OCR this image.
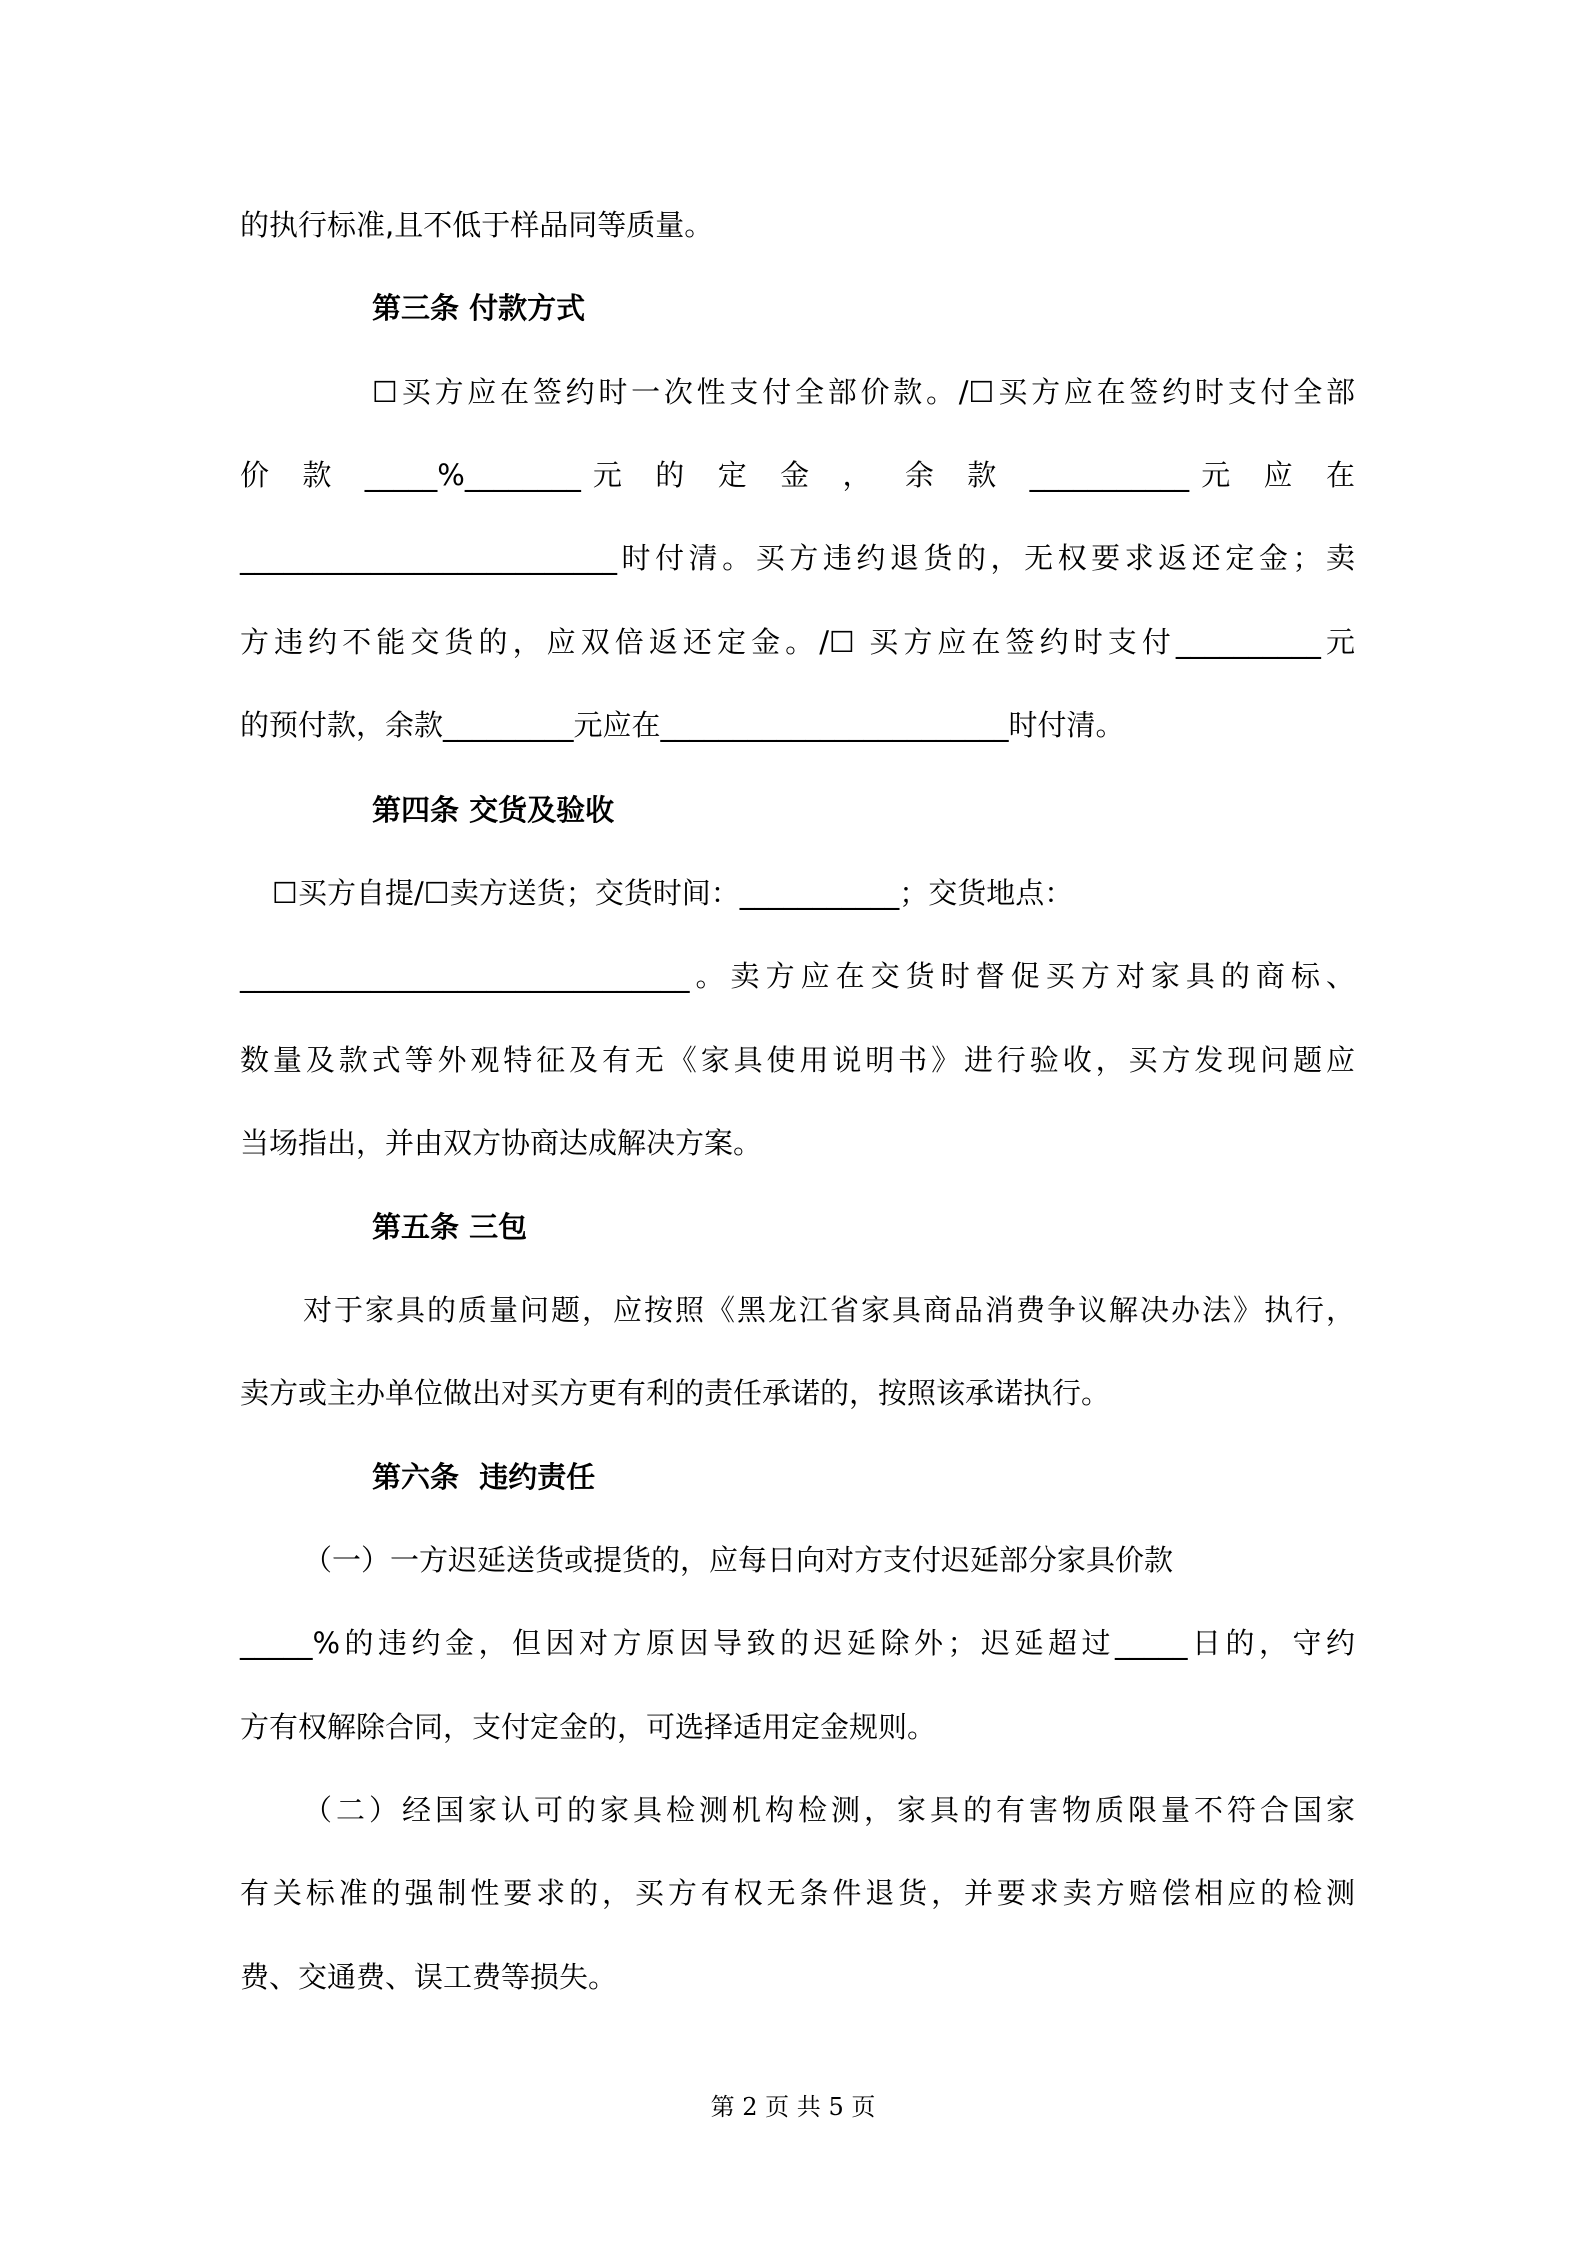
的执行标准,且不低于样品同等质量。
第三条 付款方式
☐买方应在签约时一次性支付全部价款。/☐买方应在签约时支付全部
价 款 _____%________元 的 定 金 ， 余 款 ___________元 应 在
__________________________时付清。买方违约退货的，无权要求返还定金；卖
方违约不能交货的，应双倍返还定金。/☐ 买方应在签约时支付__________元
的预付款，余款_________元应在________________________时付清。
第四条 交货及验收
☐买方自提/☐卖方送货；交货时间：___________；交货地点：
_______________________________。卖方应在交货时督促买方对家具的商标、
数量及款式等外观特征及有无《家具使用说明书》进行验收，买方发现问题应
当场指出，并由双方协商达成解决方案。
第五条 三包
对于家具的质量问题，应按照《黑龙江省家具商品消费争议解决办法》执行，
卖方或主办单位做出对买方更有利的责任承诺的，按照该承诺执行。
第六条  违约责任
（一）一方迟延送货或提货的，应每日向对方支付迟延部分家具价款
_____%的违约金，但因对方原因导致的迟延除外；迟延超过_____日的，守约
方有权解除合同，支付定金的，可选择适用定金规则。
（二）经国家认可的家具检测机构检测，家具的有害物质限量不符合国家
有关标准的强制性要求的，买方有权无条件退货，并要求卖方赔偿相应的检测
费、交通费、误工费等损失。
第 2 页 共 5 页
